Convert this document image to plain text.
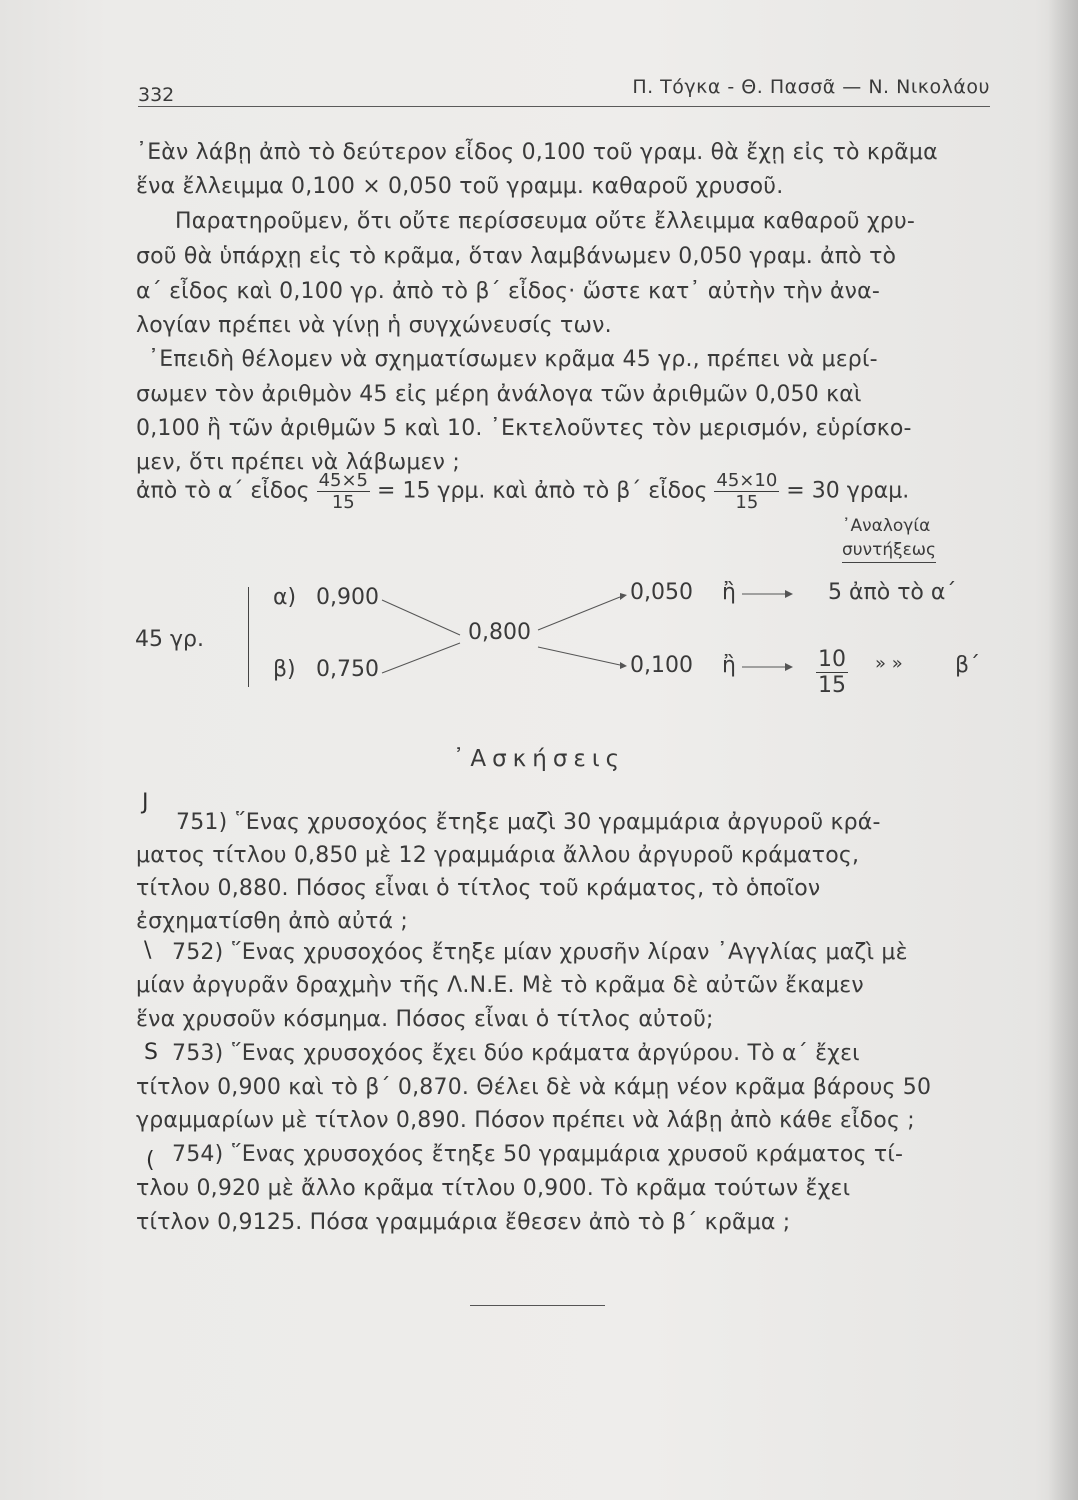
332	Π. Τόγκα - Θ. Πασσᾶ — Ν. Νικολάου
᾿Εὰν λάβῃ ἀπὸ τὸ δεύτερον εἶδος 0,100 τοῦ γραμ. θὰ ἔχῃ εἰς τὸ κρᾶμα
ἕνα ἔλλειμμα 0,100 × 0,050 τοῦ γραμμ. καθαροῦ χρυσοῦ.
Παρατηροῦμεν, ὅτι οὔτε περίσσευμα οὔτε ἔλλειμμα καθαροῦ χρυ-
σοῦ θὰ ὑπάρχῃ εἰς τὸ κρᾶμα, ὅταν λαμβάνωμεν 0,050 γραμ. ἀπὸ τὸ
α΄ εἶδος καὶ 0,100 γρ. ἀπὸ τὸ β΄ εἶδος· ὥστε κατ᾿ αὐτὴν τὴν ἀνα-
λογίαν πρέπει νὰ γίνῃ ἡ συγχώνευσίς των.
᾿Επειδὴ θέλομεν νὰ σχηματίσωμεν κρᾶμα 45 γρ., πρέπει νὰ μερί-
σωμεν τὸν ἀριθμὸν 45 εἰς μέρη ἀνάλογα τῶν ἀριθμῶν 0,050 καὶ
0,100 ἢ τῶν ἀριθμῶν 5 καὶ 10. ᾿Εκτελοῦντες τὸν μερισμόν, εὑρίσκο-
μεν, ὅτι πρέπει νὰ λάβωμεν ;
ἀπὸ τὸ α΄ εἶδος $\frac{45\times 5}{15} = 15$ γρμ. καὶ ἀπὸ τὸ β΄ εἶδος $\frac{45\times 10}{15} = 30$ γραμ.
᾿Αναλογία
συντήξεως
45 γρ.
α) 0,900
β) 0,750
0,800
0,050
0,100
ἢ
ἢ
5 ἀπὸ τὸ α΄
$\frac{10}{15}$ » » β΄
᾿Ασκήσεις
J
\
S
(
751) ῞Ενας χρυσοχόος ἔτηξε μαζὶ 30 γραμμάρια ἀργυροῦ κρά-
ματος τίτλου 0,850 μὲ 12 γραμμάρια ἄλλου ἀργυροῦ κράματος,
τίτλου 0,880. Πόσος εἶναι ὁ τίτλος τοῦ κράματος, τὸ ὁποῖον
ἐσχηματίσθη ἀπὸ αὐτά ;
752) ῞Ενας χρυσοχόος ἔτηξε μίαν χρυσῆν λίραν ᾿Αγγλίας μαζὶ μὲ
μίαν ἀργυρᾶν δραχμὴν τῆς Λ.Ν.Ε. Μὲ τὸ κρᾶμα δὲ αὐτῶν ἔκαμεν
ἕνα χρυσοῦν κόσμημα. Πόσος εἶναι ὁ τίτλος αὐτοῦ;
753) ῞Ενας χρυσοχόος ἔχει δύο κράματα ἀργύρου. Τὸ α΄ ἔχει
τίτλον 0,900 καὶ τὸ β΄ 0,870. Θέλει δὲ νὰ κάμῃ νέον κρᾶμα βάρους 50
γραμμαρίων μὲ τίτλον 0,890. Πόσον πρέπει νὰ λάβῃ ἀπὸ κάθε εἶδος ;
754) ῞Ενας χρυσοχόος ἔτηξε 50 γραμμάρια χρυσοῦ κράματος τί-
τλου 0,920 μὲ ἄλλο κρᾶμα τίτλου 0,900. Τὸ κρᾶμα τούτων ἔχει
τίτλον 0,9125. Πόσα γραμμάρια ἔθεσεν ἀπὸ τὸ β΄ κρᾶμα ;
